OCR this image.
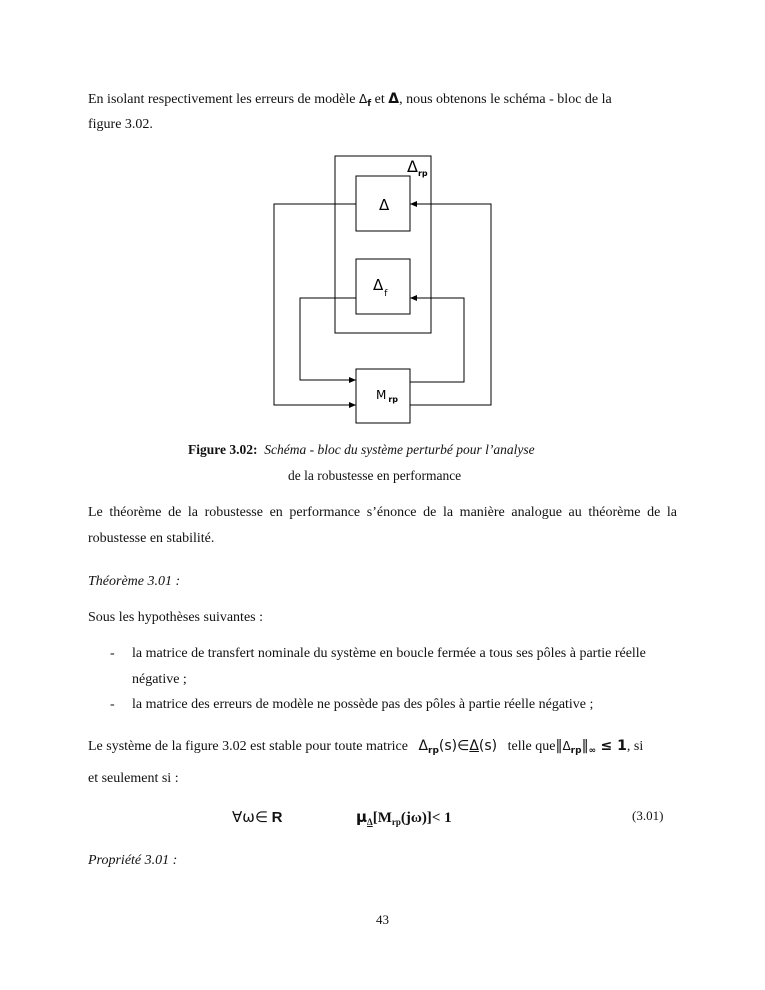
En isolant respectivement les erreurs de modèle $\Delta_f$ et Δ, nous obtenons le schéma - bloc de la

figure 3.02.

$\Delta_{rp}$
Δ
$\Delta_f$
M $_{rp}$

Figure 3.02: Schéma - bloc du système perturbé pour l’analyse

de la robustesse en performance

Le théorème de la robustesse en performance s’énonce de la manière analogue au théorème de la robustesse en stabilité.

Théorème 3.01 :

Sous les hypothèses suivantes :

- la matrice de transfert nominale du système en boucle fermée a tous ses pôles à partie réelle négative ;
- la matrice des erreurs de modèle ne possède pas des pôles à partie réelle négative ;

Le système de la figure 3.02 est stable pour toute matrice $\Delta_{rp}(s)\in\Delta(s)$ telle $que‖\Delta_{rp}‖_\infty \le 1$, si

et seulement si :

∀ω∈ R	$\mu_\Delta[M_{rp}(j\omega)]< 1$	(3.01)

Propriété 3.01 :

43
